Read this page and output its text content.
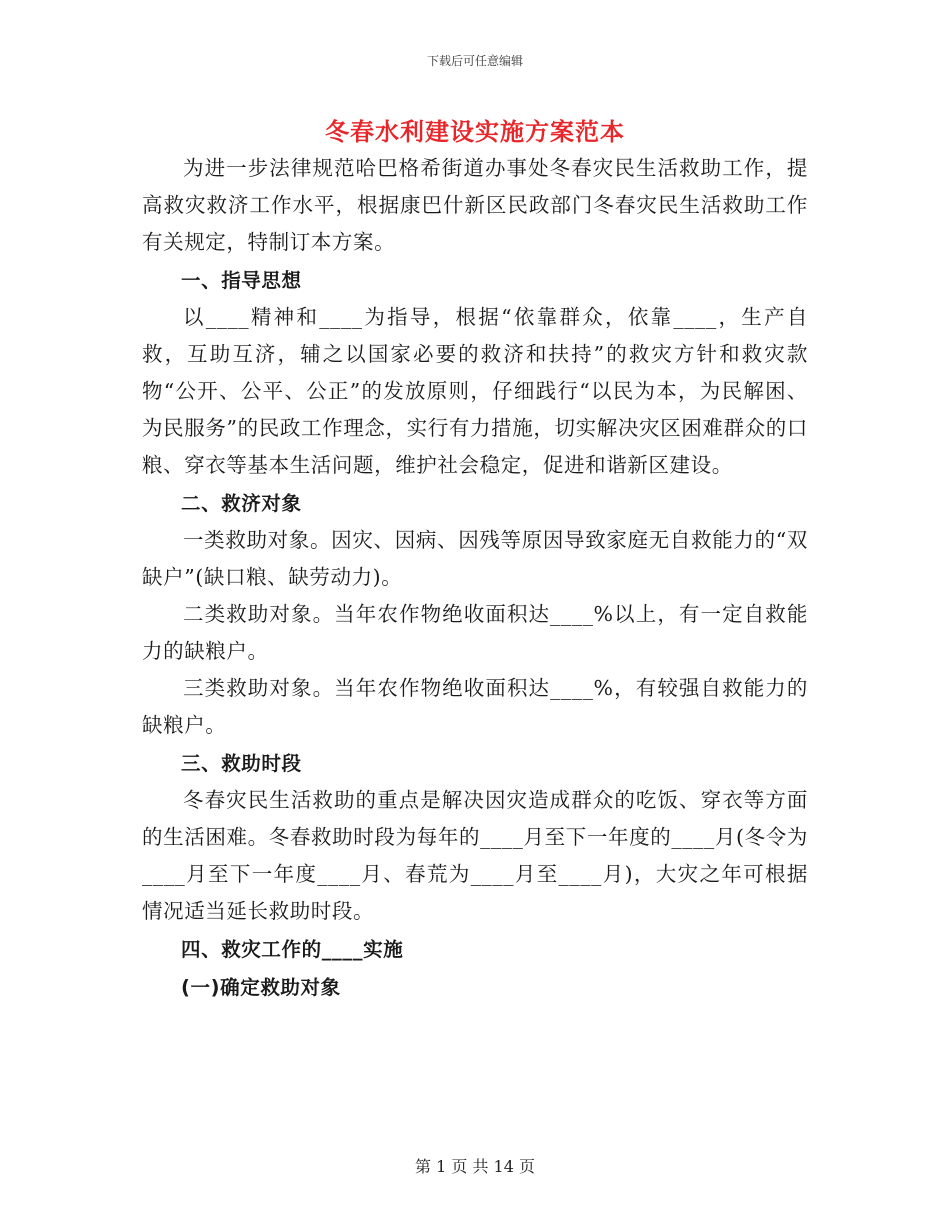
下载后可任意编辑
冬春水利建设实施方案范本

为进一步法律规范哈巴格希街道办事处冬春灾民生活救助工作，提高救灾救济工作水平，根据康巴什新区民政部门冬春灾民生活救助工作有关规定，特制订本方案。

一、指导思想

以____精神和____为指导，根据“依靠群众，依靠____，生产自救，互助互济，辅之以国家必要的救济和扶持”的救灾方针和救灾款物“公开、公平、公正”的发放原则，仔细践行“以民为本，为民解困、为民服务”的民政工作理念，实行有力措施，切实解决灾区困难群众的口粮、穿衣等基本生活问题，维护社会稳定，促进和谐新区建设。

二、救济对象

一类救助对象。因灾、因病、因残等原因导致家庭无自救能力的“双缺户”(缺口粮、缺劳动力)。

二类救助对象。当年农作物绝收面积达____%以上，有一定自救能力的缺粮户。

三类救助对象。当年农作物绝收面积达____%，有较强自救能力的缺粮户。

三、救助时段

冬春灾民生活救助的重点是解决因灾造成群众的吃饭、穿衣等方面的生活困难。冬春救助时段为每年的____月至下一年度的____月(冬令为____月至下一年度____月、春荒为____月至____月)，大灾之年可根据情况适当延长救助时段。

四、救灾工作的____实施

(一)确定救助对象

第 1 页 共 14 页
